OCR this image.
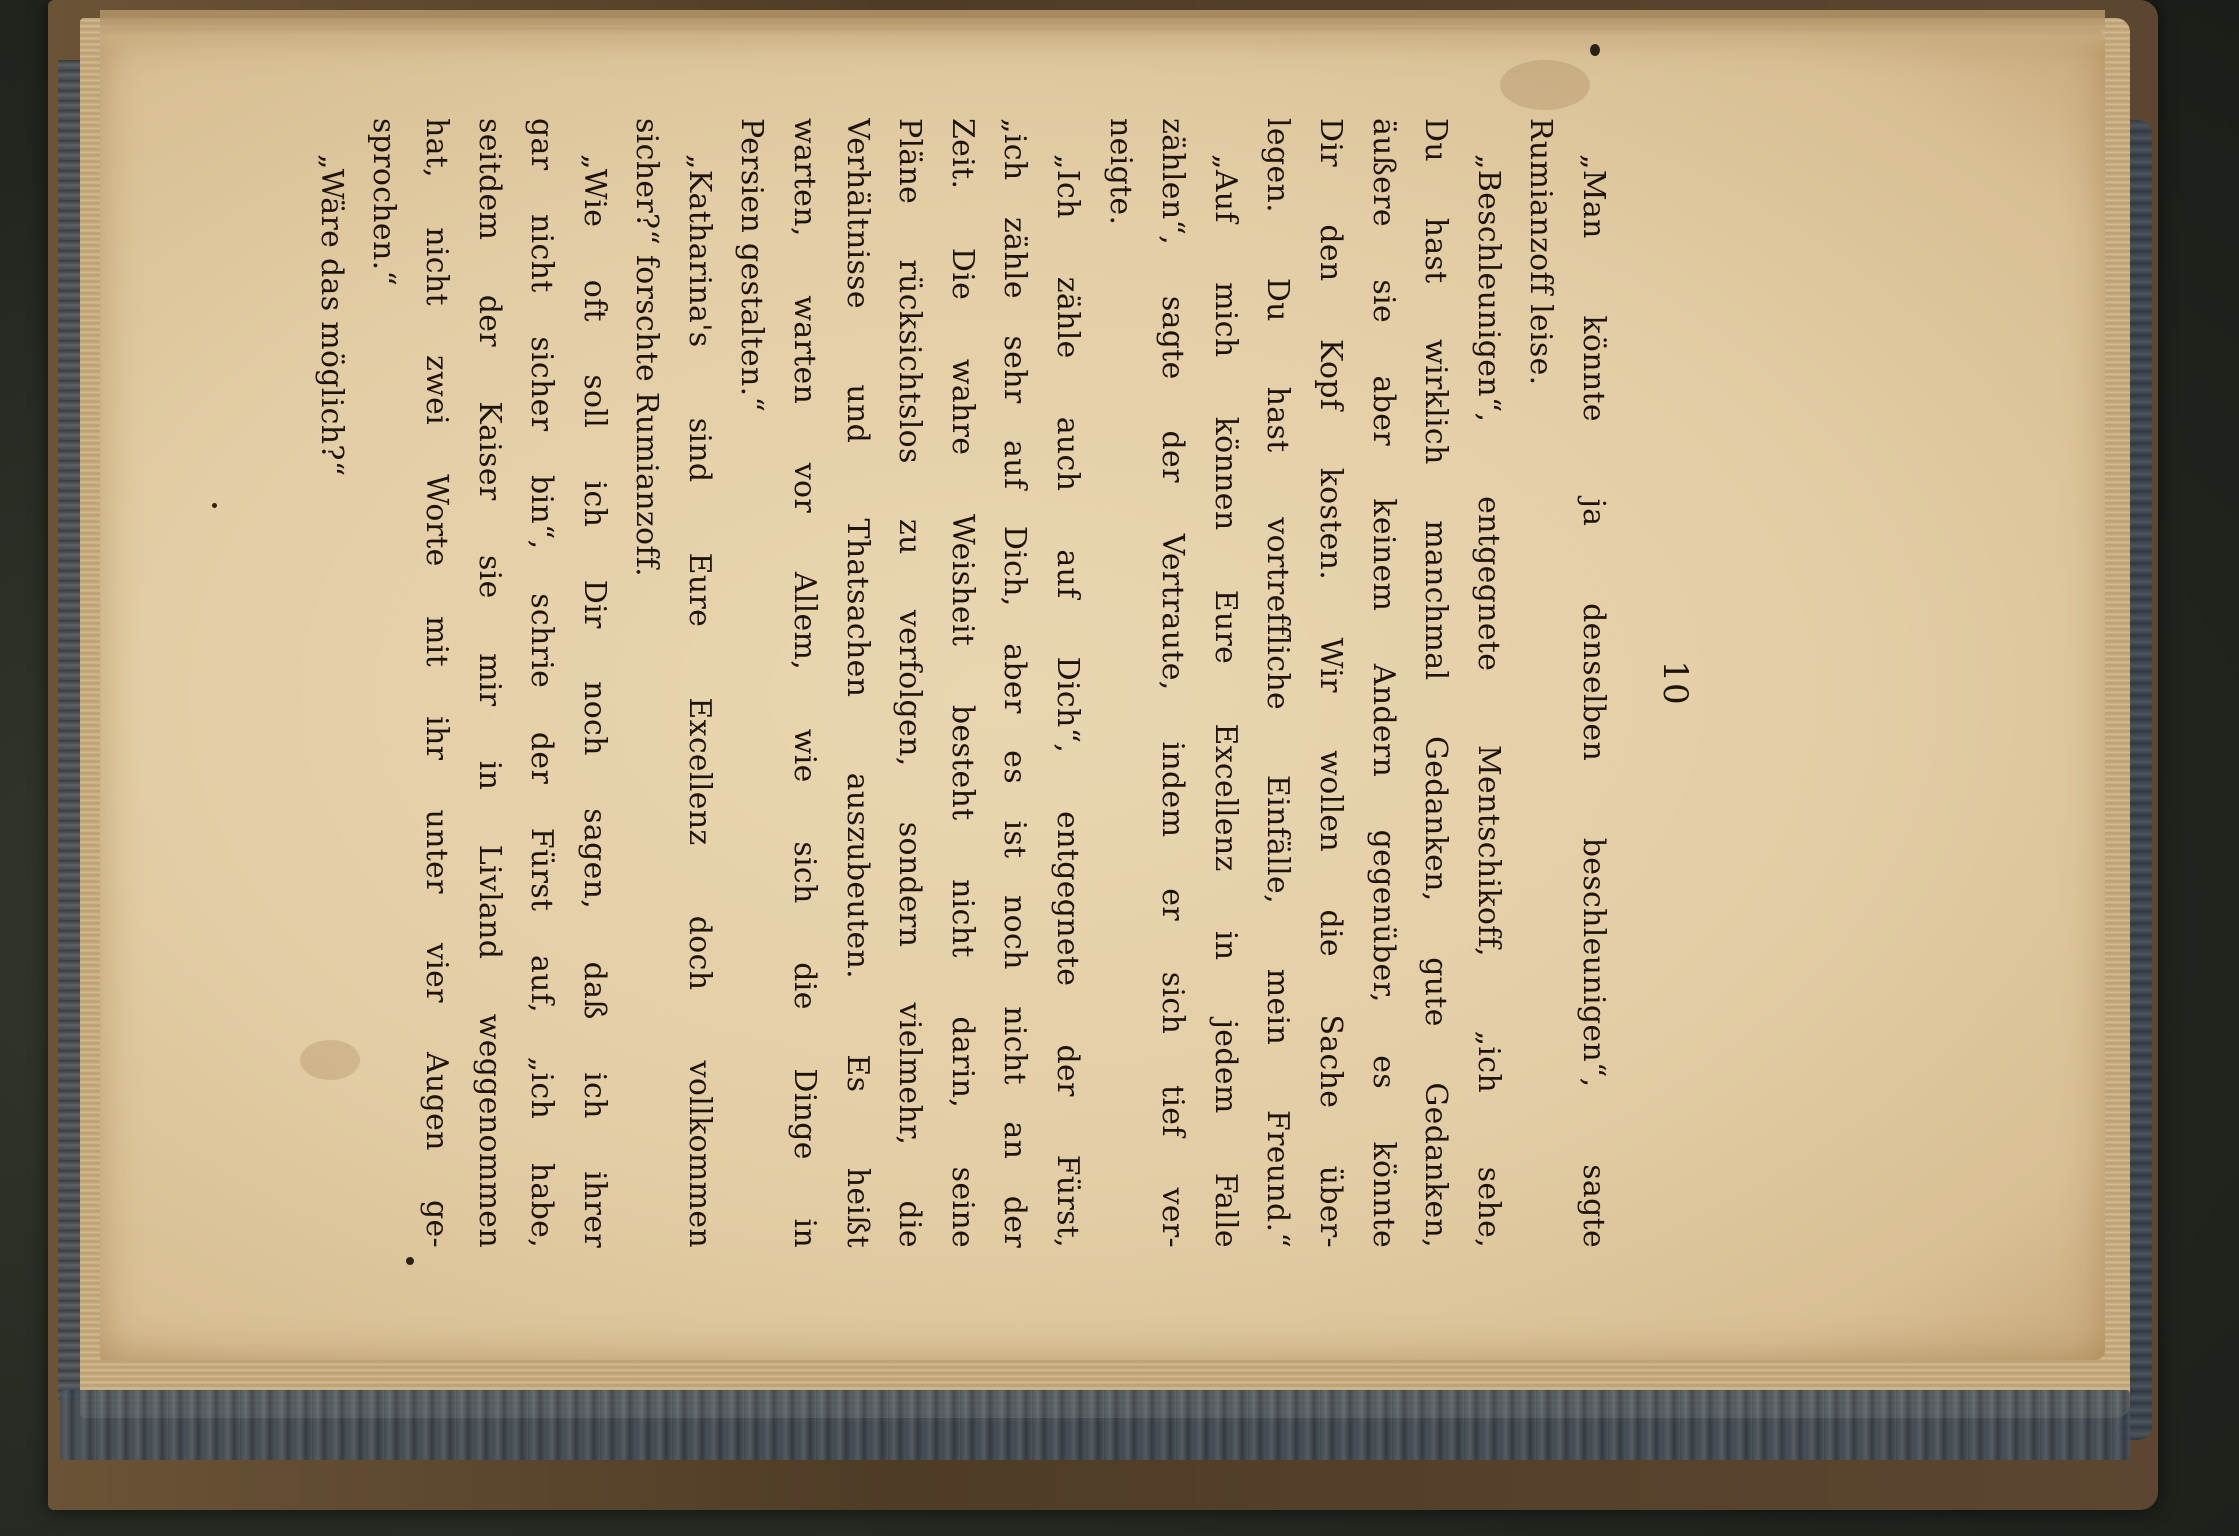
10
„Man könnte ja denselben beschleunigen“, sagte
Rumianzoff leise.
„Beschleunigen“, entgegnete Mentschikoff, „ich sehe,
Du hast wirklich manchmal Gedanken, gute Gedanken,
äußere sie aber keinem Andern gegenüber, es könnte
Dir den Kopf kosten. Wir wollen die Sache über-
legen. Du hast vortreffliche Einfälle, mein Freund.“
„Auf mich können Eure Excellenz in jedem Falle
zählen“, sagte der Vertraute, indem er sich tief ver-
neigte.
„Ich zähle auch auf Dich“, entgegnete der Fürst,
„ich zähle sehr auf Dich, aber es ist noch nicht an der
Zeit. Die wahre Weisheit besteht nicht darin, seine
Pläne rücksichtslos zu verfolgen, sondern vielmehr, die
Verhältnisse und Thatsachen auszubeuten. Es heißt
warten, warten vor Allem, wie sich die Dinge in
Persien gestalten.“
„Katharina's sind Eure Excellenz doch vollkommen
sicher?“ forschte Rumianzoff.
„Wie oft soll ich Dir noch sagen, daß ich ihrer
gar nicht sicher bin“, schrie der Fürst auf, „ich habe,
seitdem der Kaiser sie mir in Livland weggenommen
hat, nicht zwei Worte mit ihr unter vier Augen ge-
sprochen.“
„Wäre das möglich?“
